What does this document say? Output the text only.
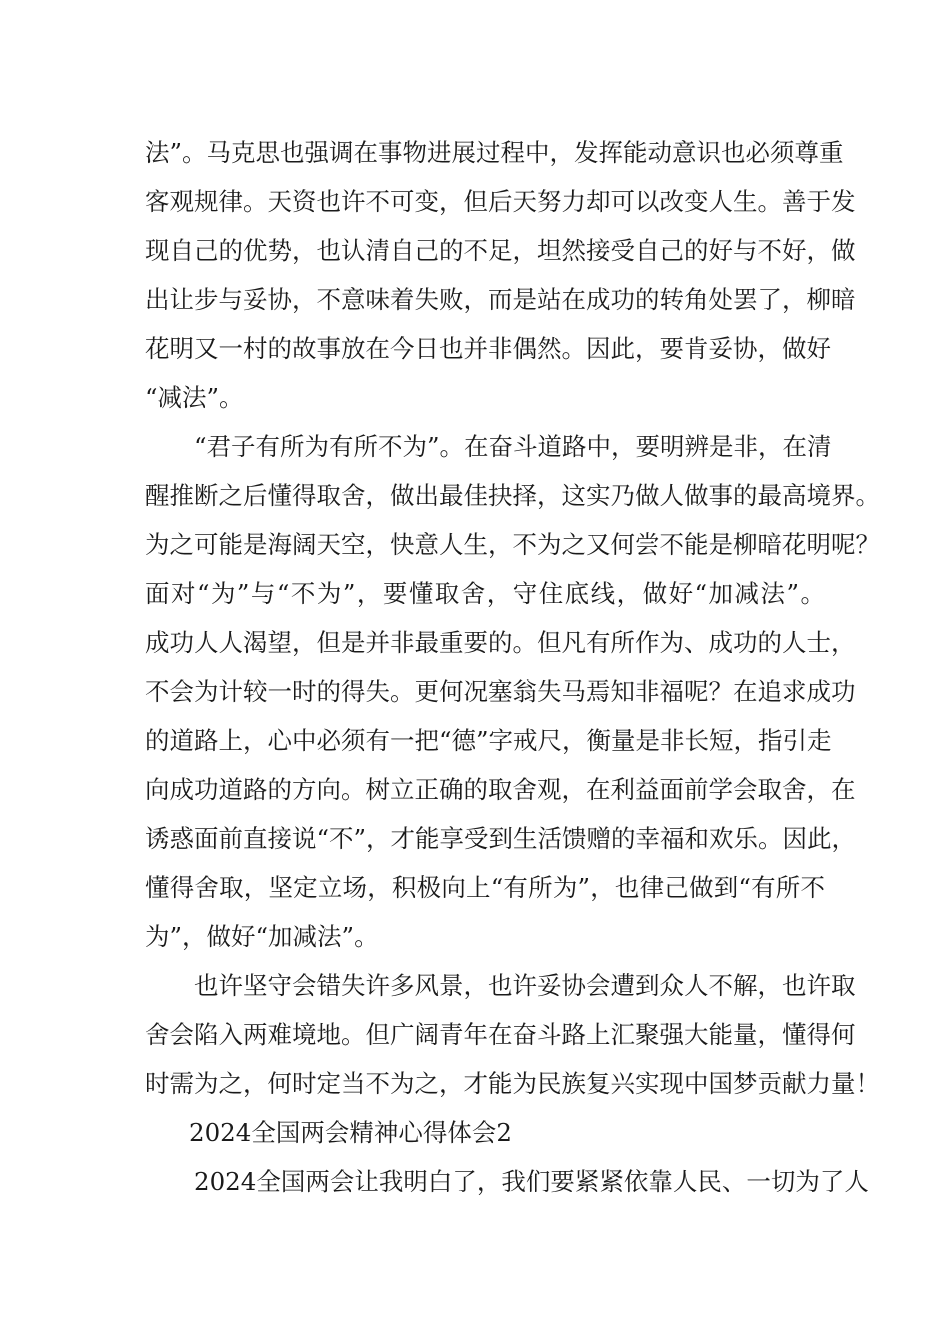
法”。马克思也强调在事物进展过程中，发挥能动意识也必须尊重
客观规律。天资也许不可变，但后天努力却可以改变人生。善于发
现自己的优势，也认清自己的不足，坦然接受自己的好与不好，做
出让步与妥协，不意味着失败，而是站在成功的转角处罢了，柳暗
花明又一村的故事放在今日也并非偶然。因此，要肯妥协，做好
“减法”。
“君子有所为有所不为”。在奋斗道路中，要明辨是非，在清
醒推断之后懂得取舍，做出最佳抉择，这实乃做人做事的最高境界。
为之可能是海阔天空，快意人生，不为之又何尝不能是柳暗花明呢？
面对“为”与“不为”，要懂取舍，守住底线，做好“加减法”。
成功人人渴望，但是并非最重要的。但凡有所作为、成功的人士，
不会为计较一时的得失。更何况塞翁失马焉知非福呢？在追求成功
的道路上，心中必须有一把“德”字戒尺，衡量是非长短，指引走
向成功道路的方向。树立正确的取舍观，在利益面前学会取舍，在
诱惑面前直接说“不”，才能享受到生活馈赠的幸福和欢乐。因此，
懂得舍取，坚定立场，积极向上“有所为”，也律己做到“有所不
为”，做好“加减法”。
也许坚守会错失许多风景，也许妥协会遭到众人不解，也许取
舍会陷入两难境地。但广阔青年在奋斗路上汇聚强大能量，懂得何
时需为之，何时定当不为之，才能为民族复兴实现中国梦贡献力量！
2024全国两会精神心得体会2
2024全国两会让我明白了，我们要紧紧依靠人民、一切为了人
